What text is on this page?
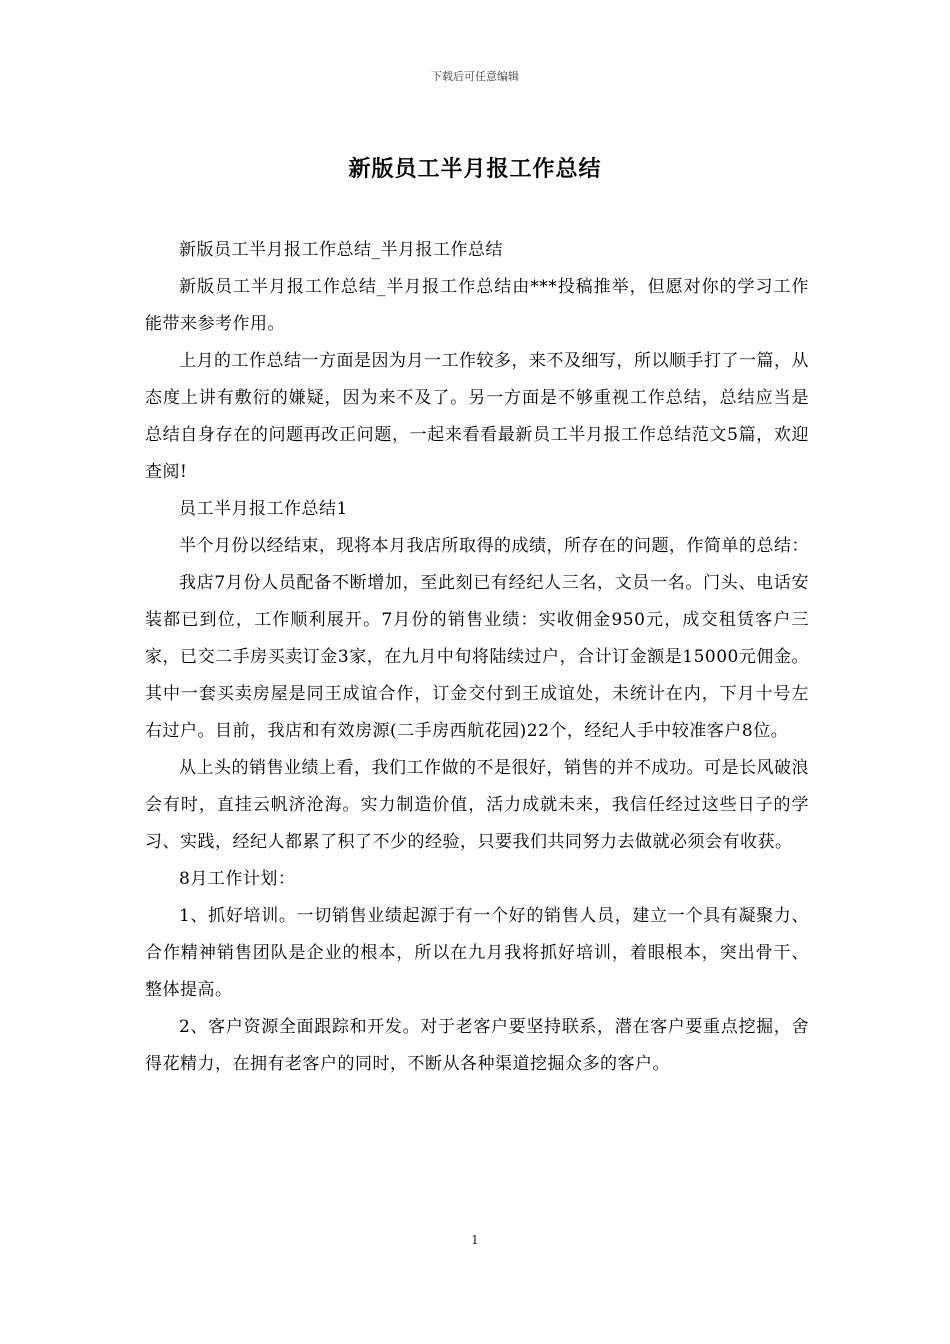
下载后可任意编辑
新版员工半月报工作总结

新版员工半月报工作总结_半月报工作总结

新版员工半月报工作总结_半月报工作总结由***投稿推举，但愿对你的学习工作能带来参考作用。

上月的工作总结一方面是因为月一工作较多，来不及细写，所以顺手打了一篇，从态度上讲有敷衍的嫌疑，因为来不及了。另一方面是不够重视工作总结，总结应当是总结自身存在的问题再改正问题，一起来看看最新员工半月报工作总结范文5篇，欢迎查阅!

员工半月报工作总结1

半个月份以经结束，现将本月我店所取得的成绩，所存在的问题，作简单的总结：

我店7月份人员配备不断增加，至此刻已有经纪人三名，文员一名。门头、电话安装都已到位，工作顺利展开。7月份的销售业绩：实收佣金950元，成交租赁客户三家，已交二手房买卖订金3家，在九月中旬将陆续过户，合计订金额是15000元佣金。其中一套买卖房屋是同王成谊合作，订金交付到王成谊处，未统计在内，下月十号左右过户。目前，我店和有效房源(二手房西航花园)22个，经纪人手中较准客户8位。

从上头的销售业绩上看，我们工作做的不是很好，销售的并不成功。可是长风破浪会有时，直挂云帆济沧海。实力制造价值，活力成就未来，我信任经过这些日子的学习、实践，经纪人都累了积了不少的经验，只要我们共同努力去做就必须会有收获。

8月工作计划：

1、抓好培训。一切销售业绩起源于有一个好的销售人员，建立一个具有凝聚力、合作精神销售团队是企业的根本，所以在九月我将抓好培训，着眼根本，突出骨干、整体提高。

2、客户资源全面跟踪和开发。对于老客户要坚持联系，潜在客户要重点挖掘，舍得花精力，在拥有老客户的同时，不断从各种渠道挖掘众多的客户。

1
